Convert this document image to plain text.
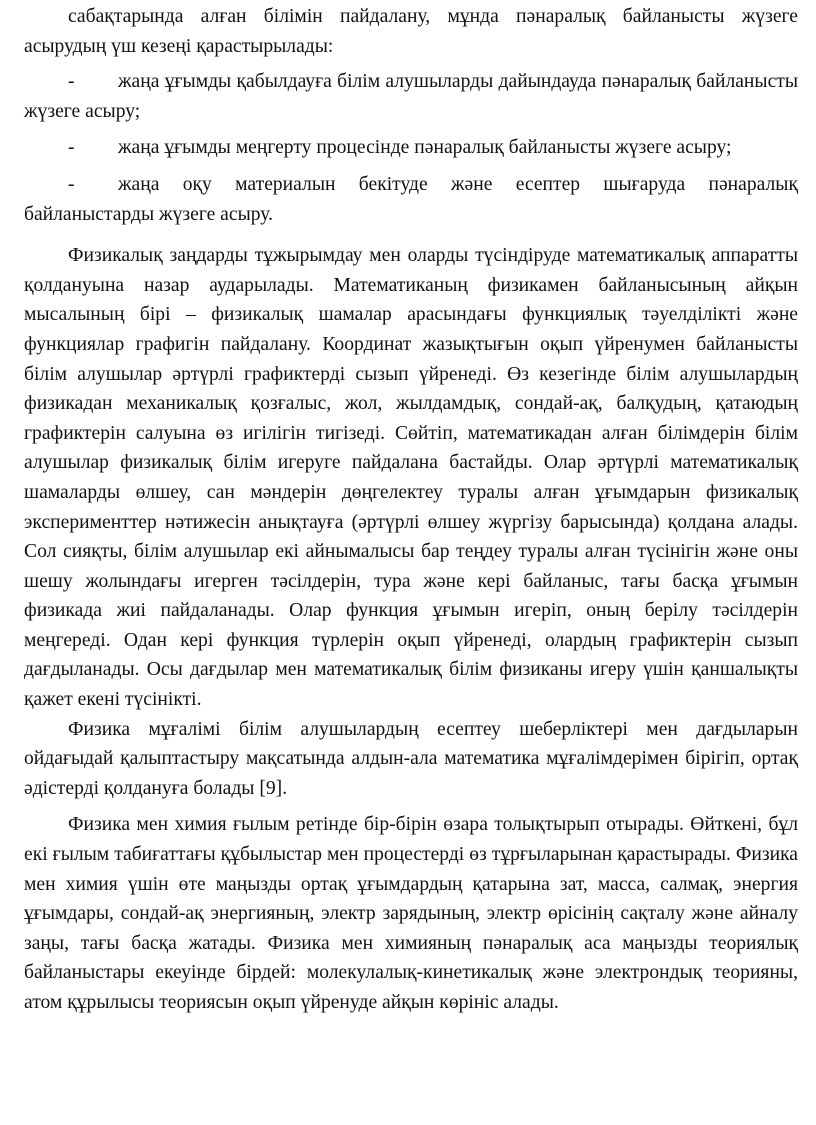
сабақтарында алған білімін пайдалану, мұнда пәнаралық байланысты жүзеге асырудың үш кезеңі қарастырылады:

- жаңа ұғымды қабылдауға білім алушыларды дайындауда пәнаралық байланысты жүзеге асыру;

- жаңа ұғымды меңгерту процесінде пәнаралық байланысты жүзеге асыру;

- жаңа оқу материалын бекітуде және есептер шығаруда пәнаралық байланыстарды жүзеге асыру.

Физикалық заңдарды тұжырымдау мен оларды түсіндіруде математикалық аппаратты қолдануына назар аударылады. Математиканың физикамен байланысының айқын мысалының бірі – физикалық шамалар арасындағы функциялық тәуелділікті және функциялар графигін пайдалану. Координат жазықтығын оқып үйренумен байланысты білім алушылар әртүрлі графиктерді сызып үйренеді. Өз кезегінде білім алушылардың физикадан механикалық қозғалыс, жол, жылдамдық, сондай-ақ, балқудың, қатаюдың графиктерін салуына өз игілігін тигізеді. Сөйтіп, математикадан алған білімдерін білім алушылар физикалық білім игеруге пайдалана бастайды. Олар әртүрлі математикалық шамаларды өлшеу, сан мәндерін дөңгелектеу туралы алған ұғымдарын физикалық эксперименттер нәтижесін анықтауға (әртүрлі өлшеу жүргізу барысында) қолдана алады. Сол сияқты, білім алушылар екі айнымалысы бар теңдеу туралы алған түсінігін және оны шешу жолындағы игерген тәсілдерін, тура және кері байланыс, тағы басқа ұғымын физикада жиі пайдаланады. Олар функция ұғымын игеріп, оның берілу тәсілдерін меңгереді. Одан кері функция түрлерін оқып үйренеді, олардың графиктерін сызып дағдыланады. Осы дағдылар мен математикалық білім физиканы игеру үшін қаншалықты қажет екені түсінікті.

Физика мұғалімі білім алушылардың есептеу шеберліктері мен дағдыларын ойдағыдай қалыптастыру мақсатында алдын-ала математика мұғалімдерімен бірігіп, ортақ әдістерді қолдануға болады [9].

Физика мен химия ғылым ретінде бір-бірін өзара толықтырып отырады. Өйткені, бұл екі ғылым табиғаттағы құбылыстар мен процестерді өз тұрғыларынан қарастырады. Физика мен химия үшін өте маңызды ортақ ұғымдардың қатарына зат, масса, салмақ, энергия ұғымдары, сондай-ақ энергияның, электр зарядының, электр өрісінің сақталу және айналу заңы, тағы басқа жатады. Физика мен химияның пәнаралық аса маңызды теориялық байланыстары екеуінде бірдей: молекулалық-кинетикалық және электрондық теорияны, атом құрылысы теориясын оқып үйренуде айқын көрініс алады.
